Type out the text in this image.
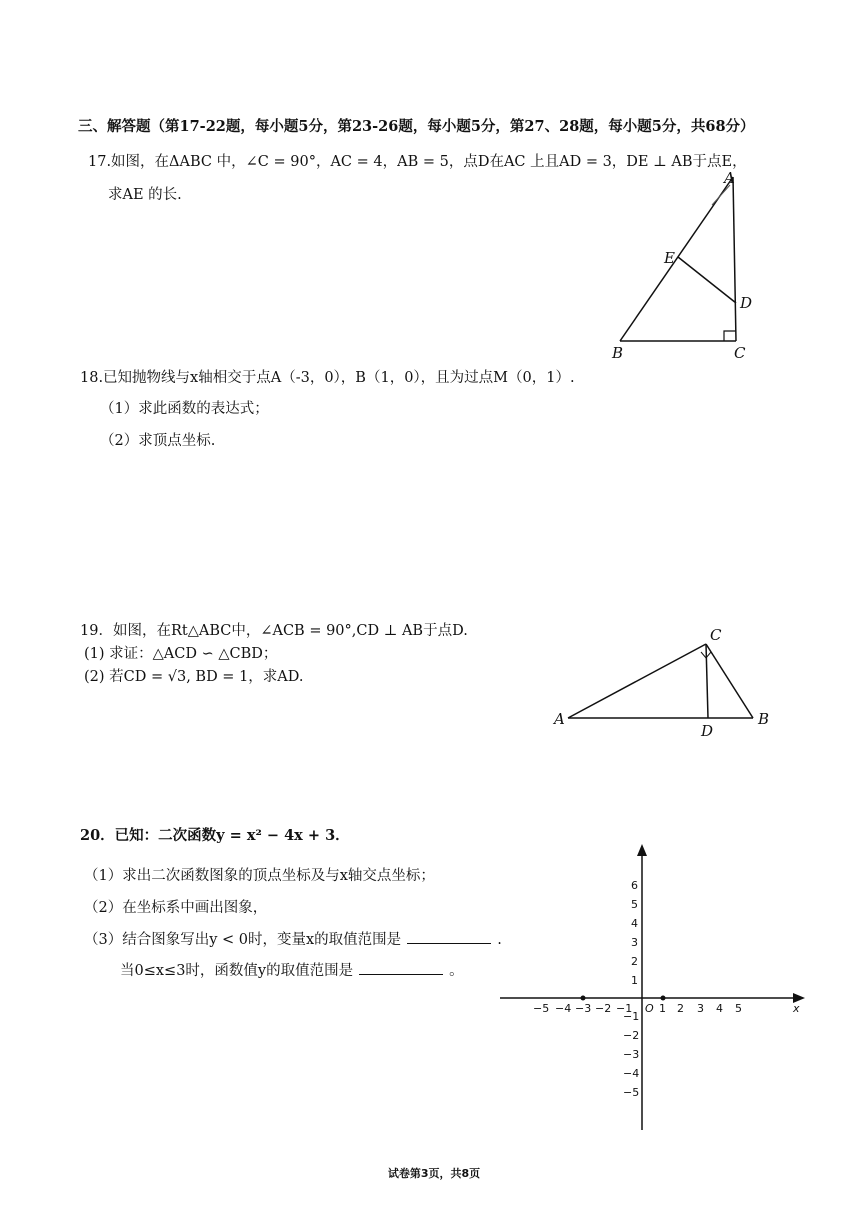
三、解答题（第17-22题，每小题5分，第23-26题，每小题5分，第27、28题，每小题5分，共68分）
17.如图，在ΔABC 中，∠C = 90°，AC = 4，AB = 5，点D在AC 上且AD = 3，DE ⊥ AB于点E，
求AE 的长.
A
B	C
D
E
18.已知抛物线与x轴相交于点A（-3，0），B（1，0），且为过点M（0，1）.
（1）求此函数的表达式；
（2）求顶点坐标.
19．如图，在Rt△ABC中，∠ACB = 90°,CD ⊥ AB于点D.
(1) 求证：△ACD ∽ △CBD；
(2) 若CD = √3, BD = 1，求AD.
A	B
C
D
20．已知：二次函数y = x² − 4x + 3．
（1）求出二次函数图象的顶点坐标及与x轴交点坐标；
（2）在坐标系中画出图象，
（3）结合图象写出y < 0时，变量x的取值范围是	.
当0≤x≤3时，函数值y的取值范围是	。
x
O
−5 −4 −3 −2 −1 1 2 3 4 5
6
5
4
3
2
1
−1
−2
−3
−4
−5
试卷第3页，共8页
